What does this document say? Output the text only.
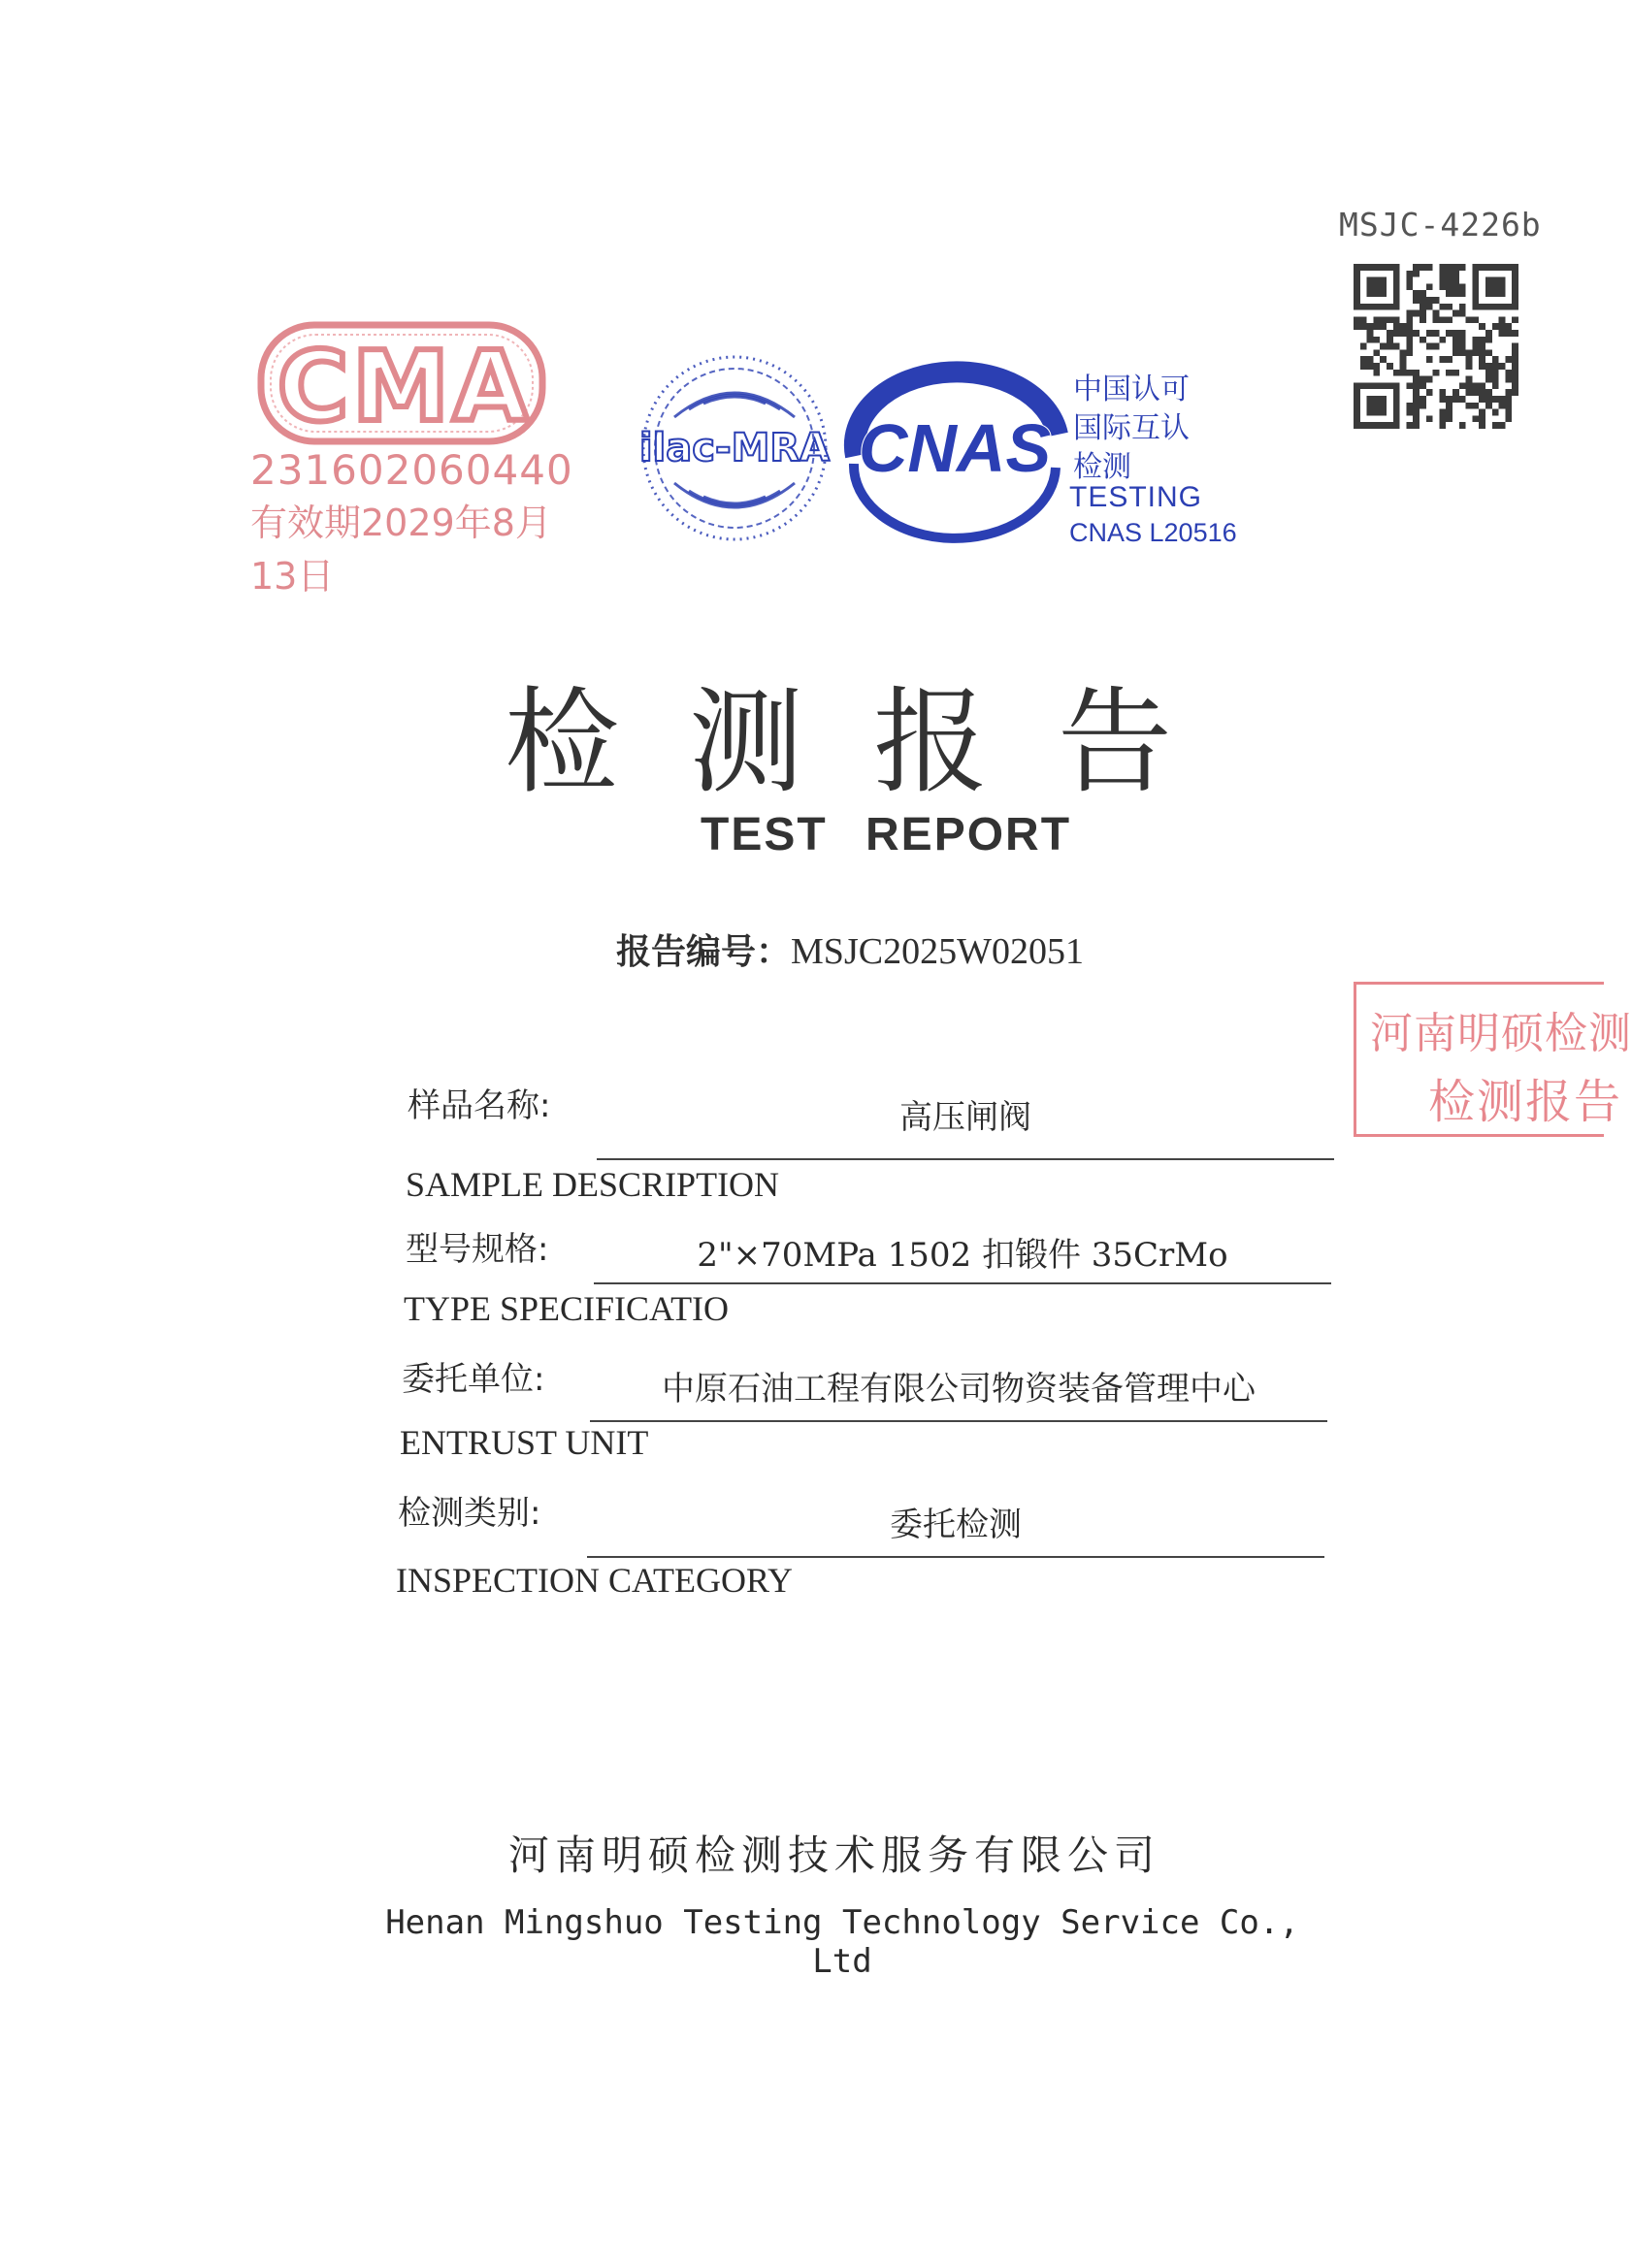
MSJC-4226b
CMA
231602060440
有效期2029年8月13日
ilac-MRA CNAS
中国认可
国际互认
检测
TESTING
CNAS L20516
检测报告
TEST REPORT
报告编号：MSJC2025W02051
河南明硕检测
检测报告
样品名称:	高压闸阀
SAMPLE DESCRIPTION
型号规格:	2"×70MPa 1502 扣锻件 35CrMo
TYPE SPECIFICATIO
委托单位:	中原石油工程有限公司物资装备管理中心
ENTRUST UNIT
检测类别:	委托检测
INSPECTION CATEGORY
河南明硕检测技术服务有限公司
Henan Mingshuo Testing Technology Service Co., Ltd
